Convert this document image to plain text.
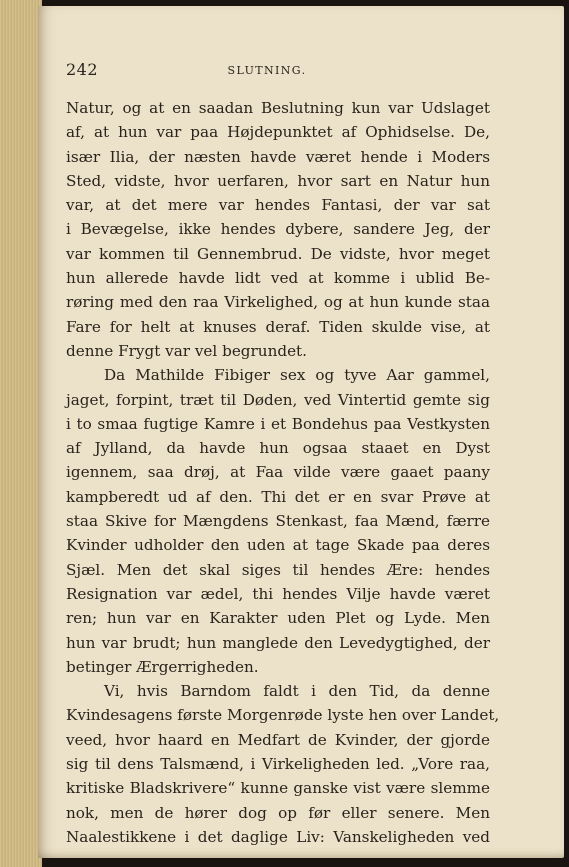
242	SLUTNING.
Natur, og at en saadan Beslutning kun var Udslaget
af, at hun var paa Højdepunktet af Ophidselse. De,
især Ilia, der næsten havde været hende i Moders
Sted, vidste, hvor uerfaren, hvor sart en Natur hun
var, at det mere var hendes Fantasi, der var sat
i Bevægelse, ikke hendes dybere, sandere Jeg, der
var kommen til Gennembrud. De vidste, hvor meget
hun allerede havde lidt ved at komme i ublid Be-
røring med den raa Virkelighed, og at hun kunde staa
Fare for helt at knuses deraf. Tiden skulde vise, at
denne Frygt var vel begrundet.
Da Mathilde Fibiger sex og tyve Aar gammel,
jaget, forpint, træt til Døden, ved Vintertid gemte sig
i to smaa fugtige Kamre i et Bondehus paa Vestkysten
af Jylland, da havde hun ogsaa staaet en Dyst
igennem, saa drøj, at Faa vilde være gaaet paany
kampberedt ud af den. Thi det er en svar Prøve at
staa Skive for Mængdens Stenkast, faa Mænd, færre
Kvinder udholder den uden at tage Skade paa deres
Sjæl. Men det skal siges til hendes Ære: hendes
Resignation var ædel, thi hendes Vilje havde været
ren; hun var en Karakter uden Plet og Lyde. Men
hun var brudt; hun manglede den Levedygtighed, der
betinger Ærgerrigheden.
Vi, hvis Barndom faldt i den Tid, da denne
Kvindesagens første Morgenrøde lyste hen over Landet,
veed, hvor haard en Medfart de Kvinder, der gjorde
sig til dens Talsmænd, i Virkeligheden led. „Vore raa,
kritiske Bladskrivere“ kunne ganske vist være slemme
nok, men de hører dog op før eller senere. Men
Naalestikkene i det daglige Liv: Vanskeligheden ved
